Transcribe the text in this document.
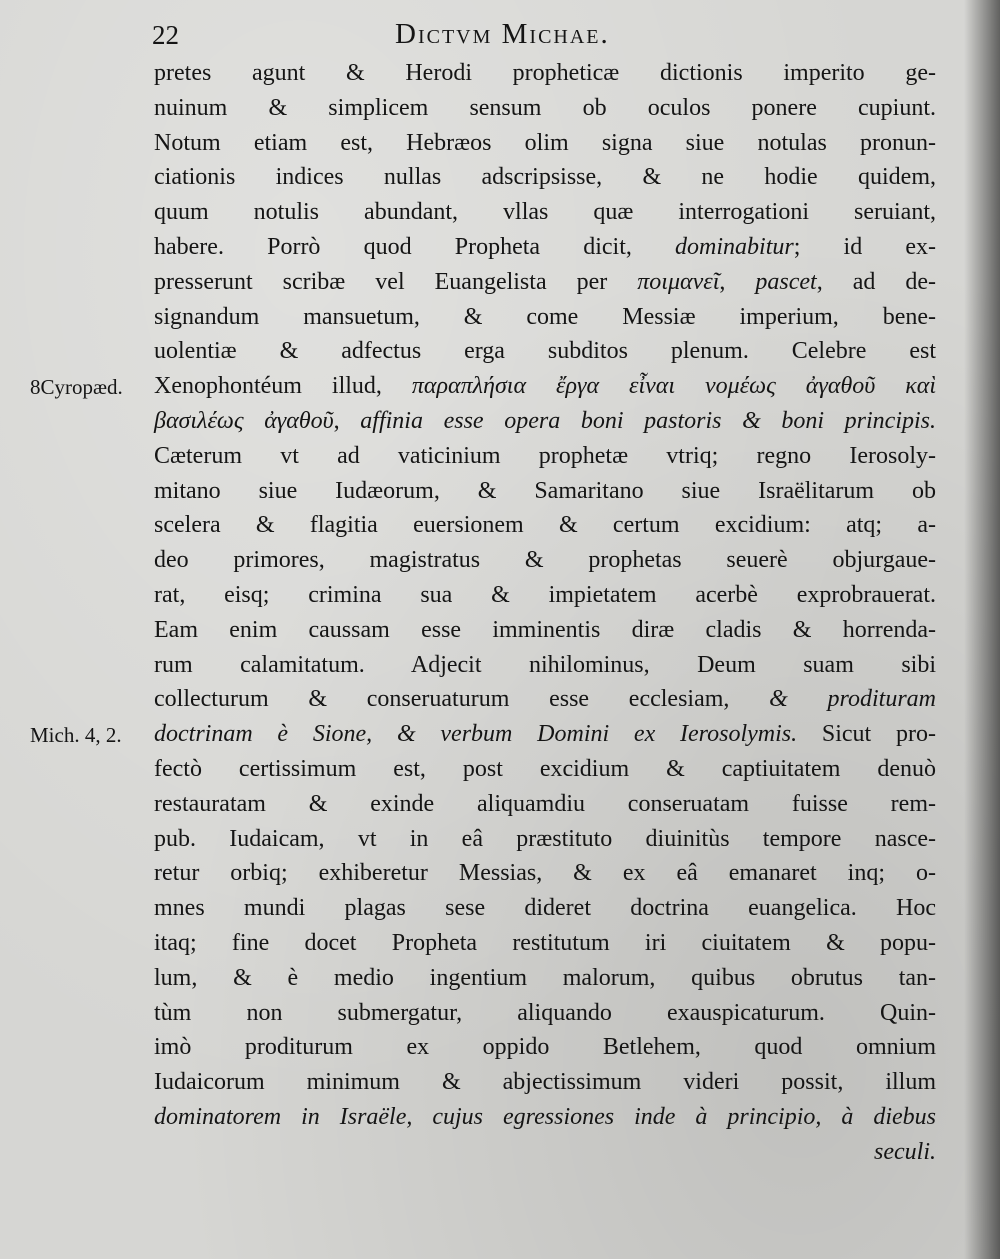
22	Dictvm Michae.
8Cyropæd.
Mich. 4, 2.
pretes agunt & Herodi propheticæ dictionis imperito ge-
nuinum & simplicem sensum ob oculos ponere cupiunt.
Notum etiam est, Hebræos olim signa siue notulas pronun-
ciationis indices nullas adscripsisse, & ne hodie quidem,
quum notulis abundant, vllas quæ interrogationi seruiant,
habere. Porrò quod Propheta dicit, dominabitur; id ex-
presserunt scribæ vel Euangelista per ποιμανεῖ, pascet, ad de-
signandum mansuetum, & come Messiæ imperium, bene-
uolentiæ & adfectus erga subditos plenum. Celebre est
Xenophontéum illud, παραπλήσια ἔργα εἶναι νομέως ἀγαθοῦ καὶ
βασιλέως ἀγαθοῦ, affinia esse opera boni pastoris & boni principis.
Cæterum vt ad vaticinium prophetæ vtriq; regno Ierosoly-
mitano siue Iudæorum, & Samaritano siue Israëlitarum ob
scelera & flagitia euersionem & certum excidium: atq; a-
deo primores, magistratus & prophetas seuerè objurgaue-
rat, eisq; crimina sua & impietatem acerbè exprobrauerat.
Eam enim caussam esse imminentis diræ cladis & horrenda-
rum calamitatum. Adjecit nihilominus, Deum suam sibi
collecturum & conseruaturum esse ecclesiam, & prodituram
doctrinam è Sione, & verbum Domini ex Ierosolymis. Sicut pro-
fectò certissimum est, post excidium & captiuitatem denuò
restauratam & exinde aliquamdiu conseruatam fuisse rem-
pub. Iudaicam, vt in eâ præstituto diuinitùs tempore nasce-
retur orbiq; exhiberetur Messias, & ex eâ emanaret inq; o-
mnes mundi plagas sese dideret doctrina euangelica. Hoc
itaq; fine docet Propheta restitutum iri ciuitatem & popu-
lum, & è medio ingentium malorum, quibus obrutus tan-
tùm non submergatur, aliquando exauspicaturum. Quin-
imò proditurum ex oppido Betlehem, quod omnium
Iudaicorum minimum & abjectissimum videri possit, illum
dominatorem in Israële, cujus egressiones inde à principio, à diebus
seculi.
